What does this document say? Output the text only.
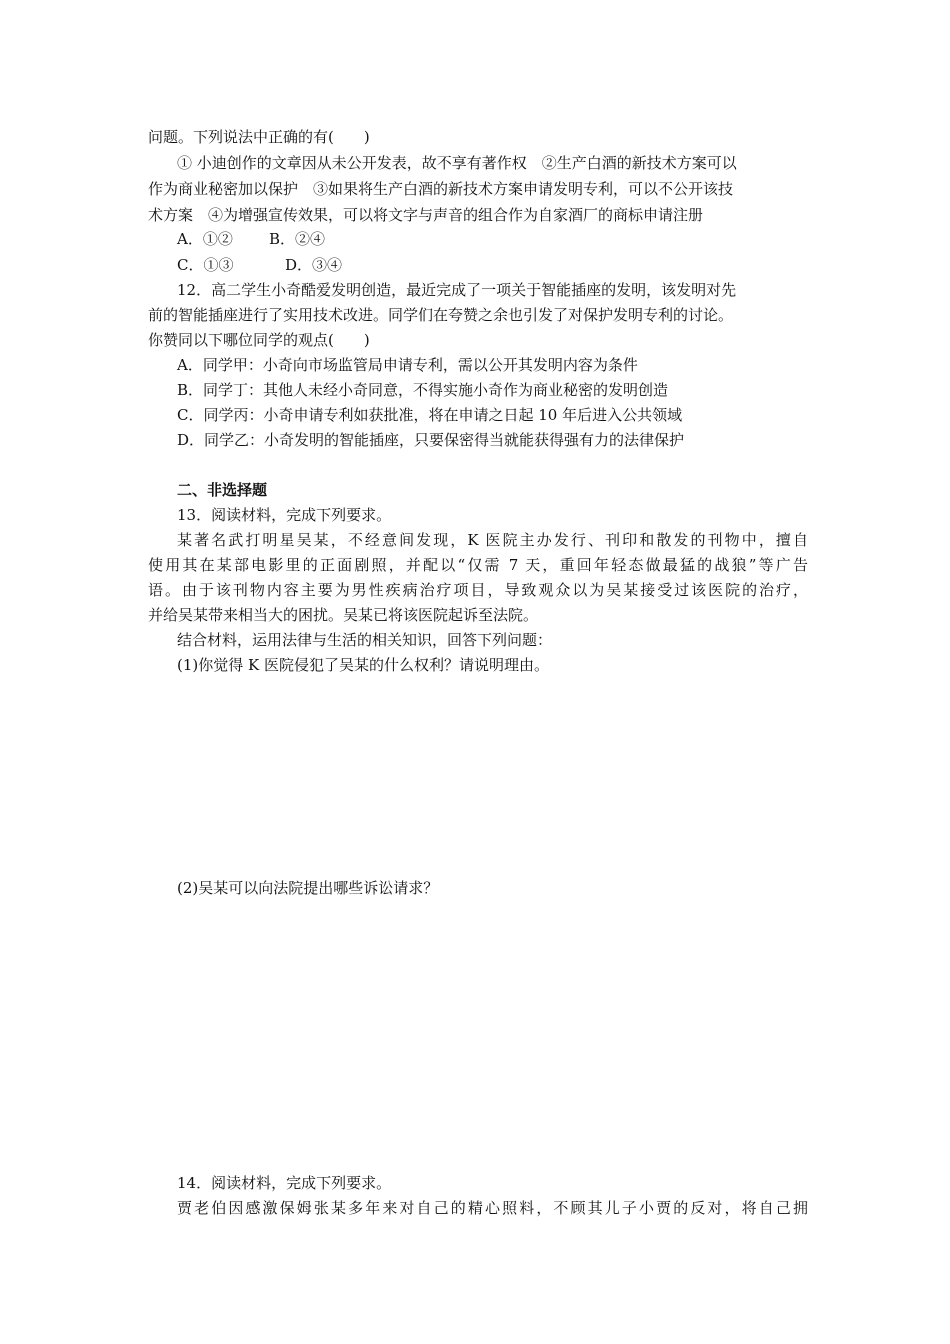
问题。下列说法中正确的有(　　)
① 小迪创作的文章因从未公开发表，故不享有著作权　②生产白酒的新技术方案可以
作为商业秘密加以保护　③如果将生产白酒的新技术方案申请发明专利，可以不公开该技
术方案　④为增强宣传效果，可以将文字与声音的组合作为自家酒厂的商标申请注册
A．①② B．②④
C．①③	D．③④
12．高二学生小奇酷爱发明创造，最近完成了一项关于智能插座的发明，该发明对先
前的智能插座进行了实用技术改进。同学们在夸赞之余也引发了对保护发明专利的讨论。
你赞同以下哪位同学的观点(　　)
A．同学甲：小奇向市场监管局申请专利，需以公开其发明内容为条件
B．同学丁：其他人未经小奇同意，不得实施小奇作为商业秘密的发明创造
C．同学丙：小奇申请专利如获批准，将在申请之日起 10 年后进入公共领域
D．同学乙：小奇发明的智能插座，只要保密得当就能获得强有力的法律保护
二、非选择题
13．阅读材料，完成下列要求。
某著名武打明星吴某，不经意间发现，K 医院主办发行、刊印和散发的刊物中，擅自
使用其在某部电影里的正面剧照，并配以“仅需 7 天，重回年轻态做最猛的战狼”等广告
语。由于该刊物内容主要为男性疾病治疗项目，导致观众以为吴某接受过该医院的治疗，
并给吴某带来相当大的困扰。吴某已将该医院起诉至法院。
结合材料，运用法律与生活的相关知识，回答下列问题：
(1)你觉得 K 医院侵犯了吴某的什么权利？请说明理由。
(2)吴某可以向法院提出哪些诉讼请求？
14．阅读材料，完成下列要求。
贾老伯因感激保姆张某多年来对自己的精心照料，不顾其儿子小贾的反对，将自己拥
